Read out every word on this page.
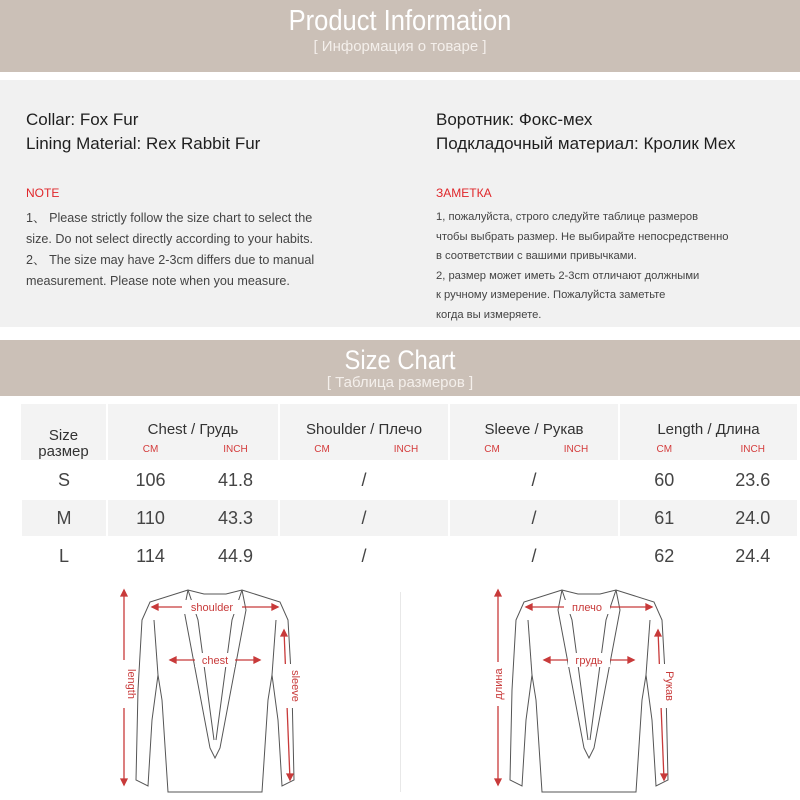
Product Information
[ Информация о товаре ]
Collar: Fox Fur
Lining Material: Rex Rabbit Fur
NOTE
1、 Please strictly follow the size chart to select the
size. Do not select directly according to your habits.
2、 The size may have 2-3cm differs due to manual
measurement. Please note when you measure.
Воротник: Фокс-мех
Подкладочный материал: Кролик Мех
ЗАМЕТКА
1, пожалуйста, строго следуйте таблице размеров
чтобы выбрать размер. Не выбирайте непосредственно
в соответствии с вашими привычками.
2, размер может иметь 2-3cm отличают должными
к ручному измерение. Пожалуйста заметьте
когда вы измеряете.
Size Chart
[ Таблица размеров ]
Size
размер	Chest / Грудь	Shoulder / Плечо	Sleeve / Рукав	Length / Длина
	CM INCH	CM INCH	CM INCH	CM INCH
S	106 41.8	/	/	60 23.6
M	110 43.3	/	/	61 24.0
L	114 44.9	/	/	62 24.4
shoulder
chest
length	sleeve
плечо
грудь
длина	Рукав
